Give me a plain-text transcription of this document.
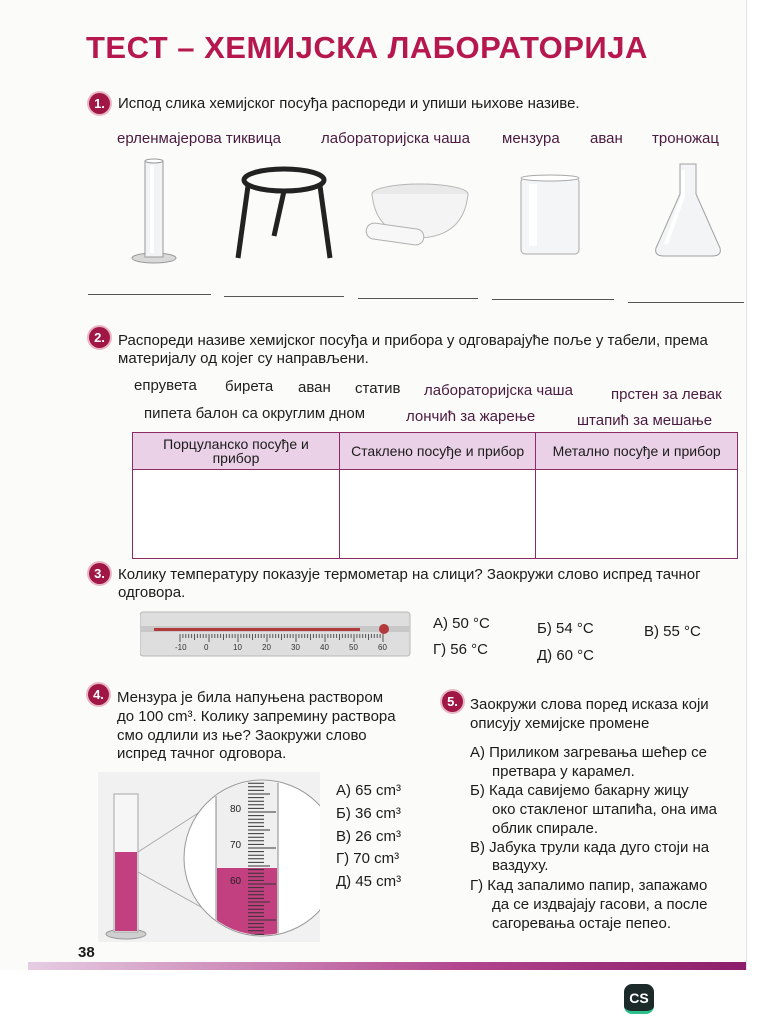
ТЕСТ – ХЕМИЈСКА ЛАБОРАТОРИЈА
1. Испод слика хемијског посуђа распореди и упиши њихове називе.
ерленмајерова тиквица	лабораторијска чаша мензура аван троножац
2. Распореди називе хемијског посуђа и прибора у одговарајуће поље у табели, према
материјалу од којег су направљени.
епрувета бирета аван статив лабораторијска чаша	прстен за левак
пипета балон са округлим дном	лончић за жарење	штапић за мешање
Порцуланско посуђе и прибор	Стаклено посуђе и прибор	Метално посуђе и прибор

3. Колику температуру показује термометар на слици? Заокружи слово испред тачног
одговора.
-10 0	10	20	30	40	50	60
А) 50 °C	Б) 54 °C	В) 55 °C
Г) 56 °C	Д) 60 °C
4. Мензура је била напуњена раствором
до 100 cm³. Колику запремину раствора
смо одлили из ње? Заокружи слово
испред тачног одговора.
80
70
60
А) 65 cm³
Б) 36 cm³
В) 26 cm³
Г) 70 cm³
Д) 45 cm³
5. Заокружи слова поред исказа који
описују хемијске промене
А) Приликом загревања шећер се
претвара у карамел.
Б) Када савијемо бакарну жицу
око стакленог штапића, она има
облик спирале.
В) Јабука трули када дуго стоји на
ваздуху.
Г) Кад запалимо папир, запажамо
да се издвајају гасови, а после
сагоревања остаје пепео.
38
CS
